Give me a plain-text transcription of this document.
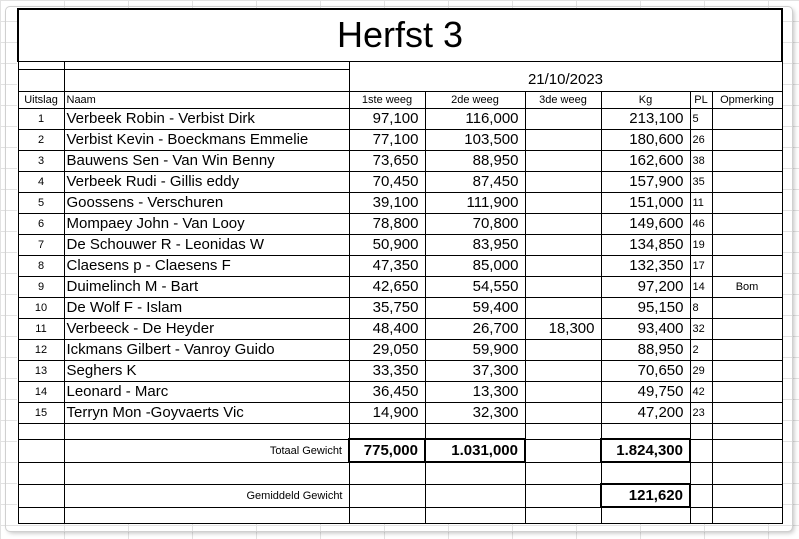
Herfst 3							

		21/10/2023					
Uitslag	Naam	1ste weeg	2de weeg	3de weeg	Kg	PL	Opmerking
1	Verbeek Robin - Verbist Dirk	97,100	116,000		213,100	5	
2	Verbist Kevin - Boeckmans Emmelie	77,100	103,500		180,600	26	
3	Bauwens Sen - Van Win Benny	73,650	88,950		162,600	38	
4	Verbeek Rudi - Gillis eddy	70,450	87,450		157,900	35	
5	Goossens - Verschuren	39,100	111,900		151,000	11	
6	Mompaey John - Van Looy	78,800	70,800		149,600	46	
7	De Schouwer R - Leonidas W	50,900	83,950		134,850	19	
8	Claesens p - Claesens F	47,350	85,000		132,350	17	
9	Duimelinch M - Bart	42,650	54,550		97,200	14	Bom
10	De Wolf F - Islam	35,750	59,400		95,150	8	
11	Verbeeck - De Heyder	48,400	26,700	18,300	93,400	32	
12	Ickmans Gilbert - Vanroy Guido	29,050	59,900		88,950	2	
13	Seghers K	33,350	37,300		70,650	29	
14	Leonard - Marc	36,450	13,300		49,750	42	
15	Terryn Mon -Goyvaerts Vic	14,900	32,300		47,200	23	

	Totaal Gewicht	775,000	1.031,000		1.824,300		

	Gemiddeld Gewicht				121,620		
